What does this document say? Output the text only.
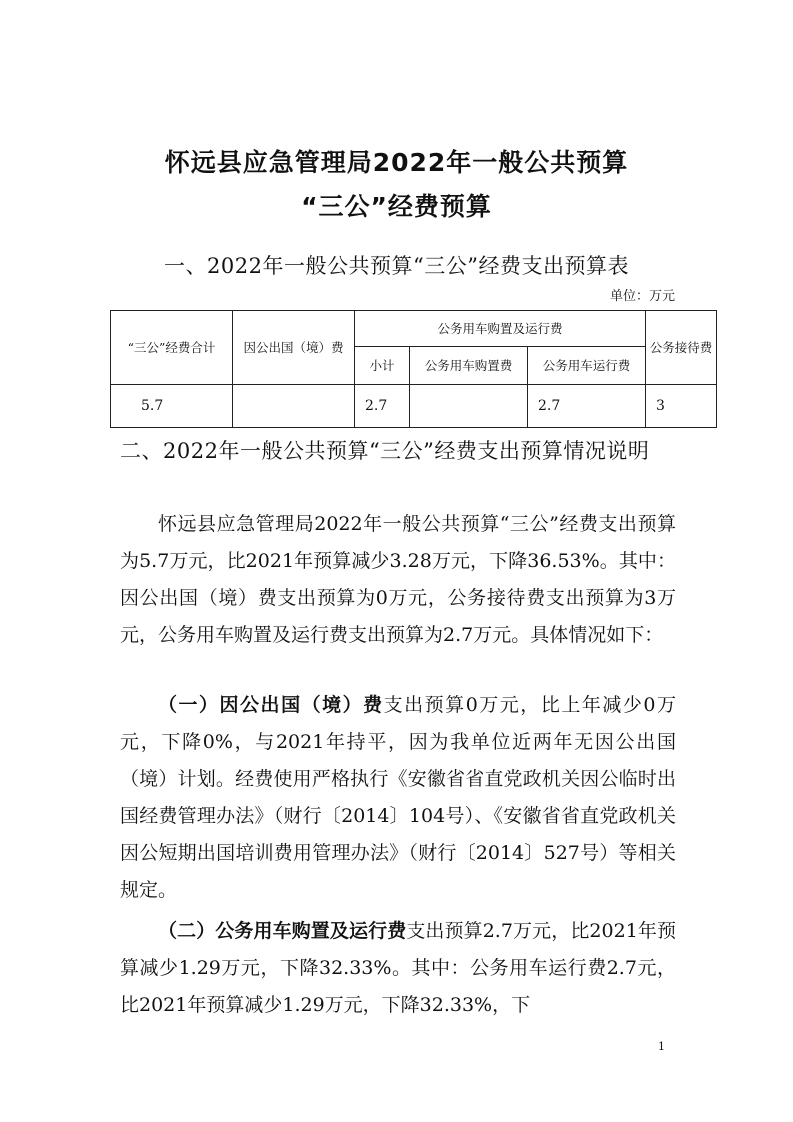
怀远县应急管理局2022年一般公共预算
“三公”经费预算
一、2022年一般公共预算“三公”经费支出预算表
单位：万元
“三公”经费合计	因公出国（境）费	公务用车购置及运行费			公务接待费
		小计	公务用车购置费	公务用车运行费	
5.7		2.7		2.7	3
二、2022年一般公共预算“三公”经费支出预算情况说明

怀远县应急管理局2022年一般公共预算“三公”经费支出预算为5.7万元，比2021年预算减少3.28万元，下降36.53%。其中：因公出国（境）费支出预算为0万元，公务接待费支出预算为3万元，公务用车购置及运行费支出预算为2.7万元。具体情况如下：

（一）因公出国（境）费支出预算0万元，比上年减少0万元，下降0%，与2021年持平，因为我单位近两年无因公出国（境）计划。经费使用严格执行《安徽省省直党政机关因公临时出国经费管理办法》（财行〔2014〕104号）、《安徽省省直党政机关因公短期出国培训费用管理办法》（财行〔2014〕527号）等相关规定。

（二）公务用车购置及运行费支出预算2.7万元，比2021年预算减少1.29万元，下降32.33%。其中：公务用车运行费2.7元，比2021年预算减少1.29万元，下降32.33%，下

1
